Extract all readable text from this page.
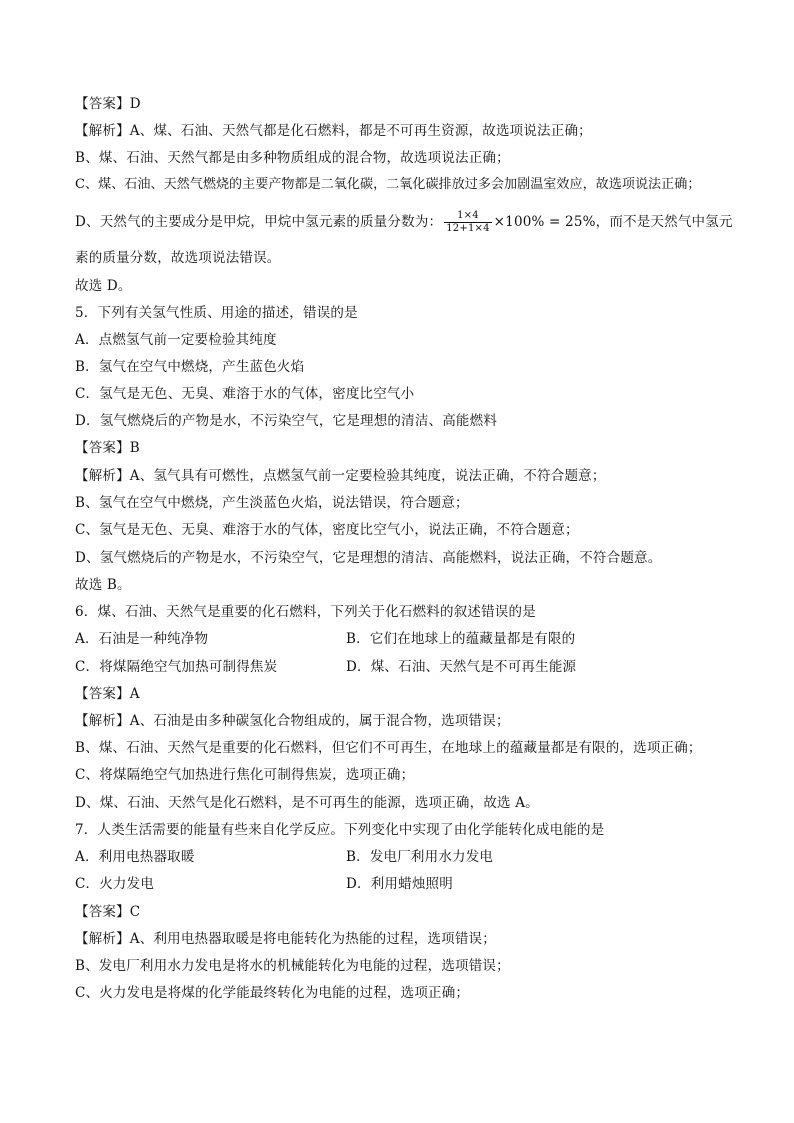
【答案】D
【解析】A、煤、石油、天然气都是化石燃料，都是不可再生资源，故选项说法正确；
B、煤、石油、天然气都是由多种物质组成的混合物，故选项说法正确；
C、煤、石油、天然气燃烧的主要产物都是二氧化碳，二氧化碳排放过多会加剧温室效应，故选项说法正确；
D、天然气的主要成分是甲烷，甲烷中氢元素的质量分数为： $\frac{1\times 4}{12+1\times 4} \times 100\% = 25\%$，而不是天然气中氢元
素的质量分数，故选项说法错误。
故选 D。
5．下列有关氢气性质、用途的描述，错误的是
A．点燃氢气前一定要检验其纯度
B．氢气在空气中燃烧，产生蓝色火焰
C．氢气是无色、无臭、难溶于水的气体，密度比空气小
D．氢气燃烧后的产物是水，不污染空气，它是理想的清洁、高能燃料
【答案】B
【解析】A、氢气具有可燃性，点燃氢气前一定要检验其纯度，说法正确，不符合题意；
B、氢气在空气中燃烧，产生淡蓝色火焰，说法错误，符合题意；
C、氢气是无色、无臭、难溶于水的气体，密度比空气小，说法正确，不符合题意；
D、氢气燃烧后的产物是水，不污染空气，它是理想的清洁、高能燃料，说法正确，不符合题意。
故选 B。
6．煤、石油、天然气是重要的化石燃料，下列关于化石燃料的叙述错误的是
A．石油是一种纯净物	B．它们在地球上的蕴藏量都是有限的
C．将煤隔绝空气加热可制得焦炭	D．煤、石油、天然气是不可再生能源
【答案】A
【解析】A、石油是由多种碳氢化合物组成的，属于混合物，选项错误；
B、煤、石油、天然气是重要的化石燃料，但它们不可再生，在地球上的蕴藏量都是有限的，选项正确；
C、将煤隔绝空气加热进行焦化可制得焦炭，选项正确；
D、煤、石油、天然气是化石燃料，是不可再生的能源，选项正确，故选 A。
7．人类生活需要的能量有些来自化学反应。下列变化中实现了由化学能转化成电能的是
A．利用电热器取暖	B．发电厂利用水力发电
C．火力发电	D．利用蜡烛照明
【答案】C
【解析】A、利用电热器取暖是将电能转化为热能的过程，选项错误；
B、发电厂利用水力发电是将水的机械能转化为电能的过程，选项错误；
C、火力发电是将煤的化学能最终转化为电能的过程，选项正确；
